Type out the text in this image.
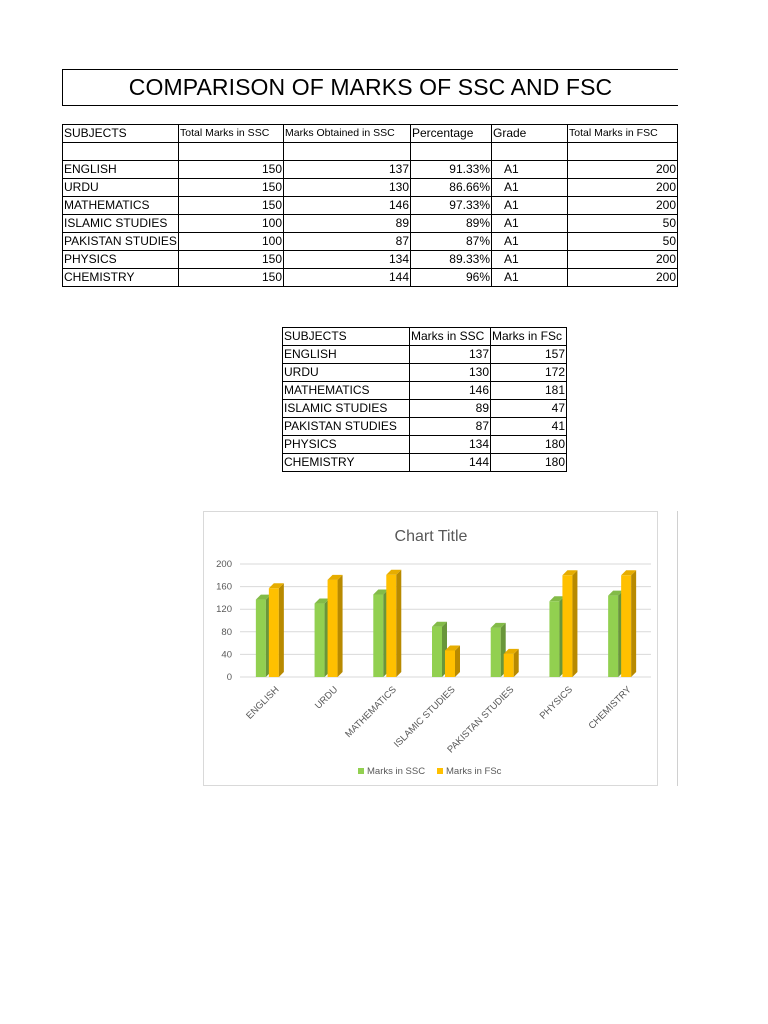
COMPARISON OF MARKS OF SSC AND FSC
SUBJECTS	Total Marks in SSC	Marks Obtained in SSC	Percentage	Grade	Total Marks in FSC

ENGLISH	150	137	91.33%	A1	200
URDU	150	130	86.66%	A1	200
MATHEMATICS	150	146	97.33%	A1	200
ISLAMIC STUDIES	100	89	89%	A1	50
PAKISTAN STUDIES	100	87	87%	A1	50
PHYSICS	150	134	89.33%	A1	200
CHEMISTRY	150	144	96%	A1	200
SUBJECTS	Marks in SSC	Marks in FSc
ENGLISH	137	157
URDU	130	172
MATHEMATICS	146	181
ISLAMIC STUDIES	89	47
PAKISTAN STUDIES	87	41
PHYSICS	134	180
CHEMISTRY	144	180
Chart Title
0
40
80
120
160
200
ENGLISH	URDU MATHEMATICS
ISLAMIC STUDIES
PAKISTAN STUDIES PHYSICS CHEMISTRY
Marks in SSC Marks in FSc
